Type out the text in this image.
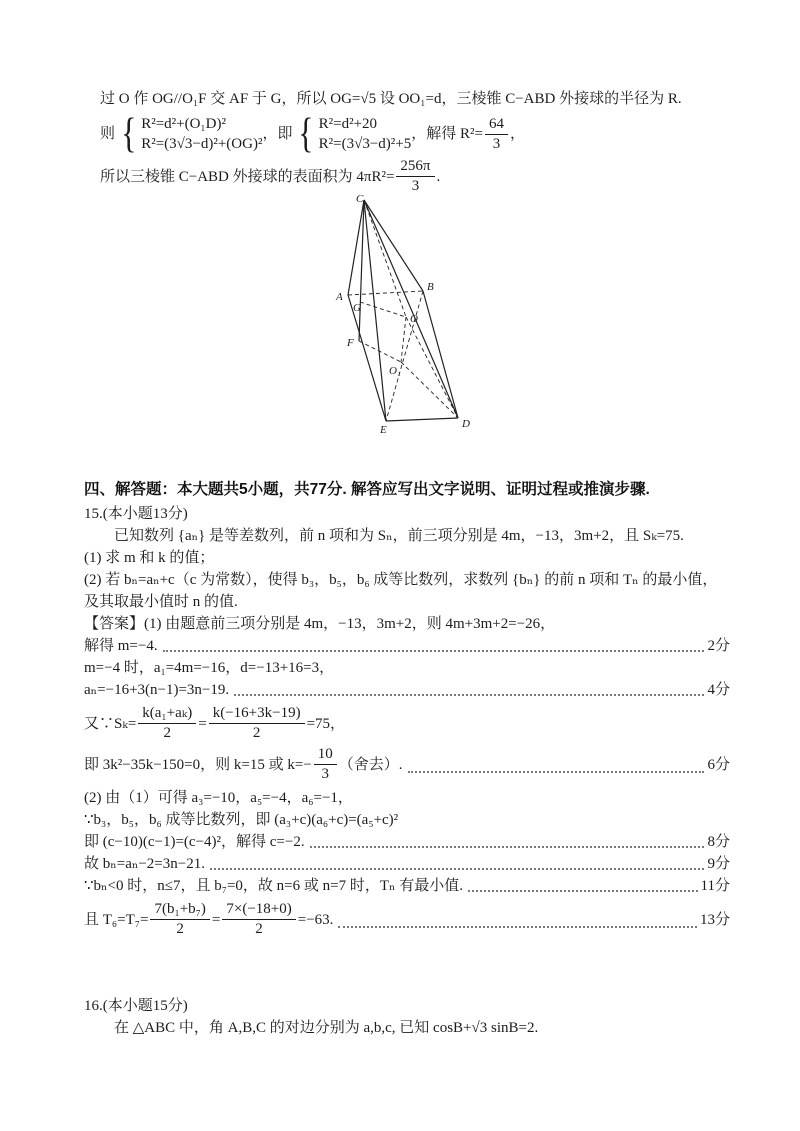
过 O 作 OG//O₁F 交 AF 于 G，所以 OG=√5 设 OO₁=d，三棱锥 C−ABD 外接球的半径为 R.
则 { R²=d²+(O₁D)²
R²=(3√3−d)²+(OG)²
，即 { R²=d²+20
R²=(3√3−d)²+5
，解得 $R^2= \frac{64}{3}$ ，
所以三棱锥 C−ABD 外接球的表面积为 $4\pi R^2= \frac{256\pi}{3}$ .
C
A
B
G
O
F
O₁
E	D
四、解答题：本大题共5小题，共77分. 解答应写出文字说明、证明过程或推演步骤.
15.(本小题13分)
已知数列 {aₙ} 是等差数列，前 n 项和为 Sₙ，前三项分别是 4m，−13，3m+2，且 Sₖ=75.
(1) 求 m 和 k 的值；
(2) 若 bₙ=aₙ+c（c 为常数），使得 b₃，b₅，b₆ 成等比数列，求数列 {bₙ} 的前 n 项和 Tₙ 的最小值，
及其取最小值时 n 的值.
【答案】(1) 由题意前三项分别是 4m，−13，3m+2，则 4m+3m+2=−26，
解得 m=−4.	2分
m=−4 时，a₁=4m=−16，d=−13+16=3，
aₙ=−16+3(n−1)=3n−19.	4分
又∵Sₖ= $\frac{\text{k(a₁+aₖ)}}{2} = \frac{k(-16+3k-19)}{2} =75$，
即 3k²−35k−150=0，则 k=15 或 $k=- \frac{10}{3}$ （舍去）.	6分
(2) 由（1）可得 a₃=−10，a₅=−4，a₆=−1，
∵b₃，b₅，b₆ 成等比数列，即 (a₃+c)(a₆+c)=(a₅+c)²
即 (c−10)(c−1)=(c−4)²，解得 c=−2.	8分
故 bₙ=aₙ−2=3n−21.	9分
∵bₙ<0 时，n≤7，且 b₇=0，故 n=6 或 n=7 时，Tₙ 有最小值.	11分
且 $T_6=T_7= \frac{\text{7(b₁+b₇)}}{2} = \frac{7\times(-18+0)}{2} =-63$.	13分
16.(本小题15分)
在 △ABC 中，角 A,B,C 的对边分别为 a,b,c, 已知 cosB+√3 sinB=2.
